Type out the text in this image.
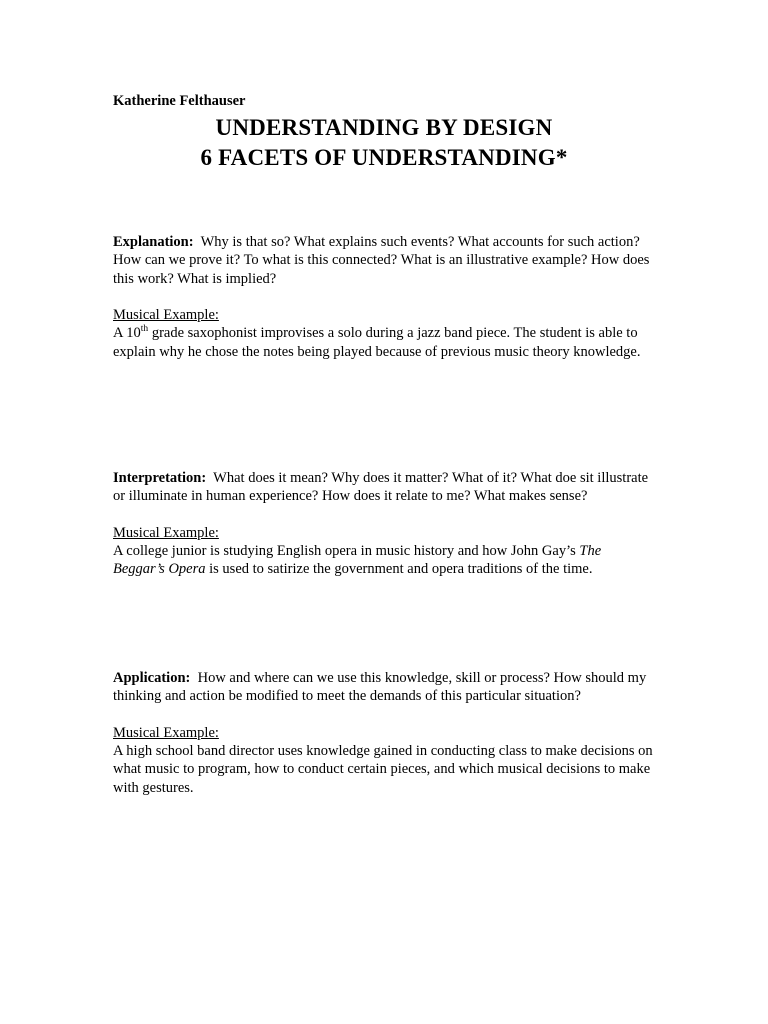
Katherine Felthauser
UNDERSTANDING BY DESIGN
6 FACETS OF UNDERSTANDING*

Explanation: Why is that so? What explains such events? What accounts for such action? How can we prove it? To what is this connected? What is an illustrative example? How does this work? What is implied?

Musical Example:

A 10th grade saxophonist improvises a solo during a jazz band piece. The student is able to explain why he chose the notes being played because of previous music theory knowledge.

Interpretation: What does it mean? Why does it matter? What of it? What doe sit illustrate or illuminate in human experience? How does it relate to me? What makes sense?

Musical Example:

A college junior is studying English opera in music history and how John Gay’s The Beggar’s Opera is used to satirize the government and opera traditions of the time.

Application: How and where can we use this knowledge, skill or process? How should my thinking and action be modified to meet the demands of this particular situation?

Musical Example:

A high school band director uses knowledge gained in conducting class to make decisions on what music to program, how to conduct certain pieces, and which musical decisions to make with gestures.
